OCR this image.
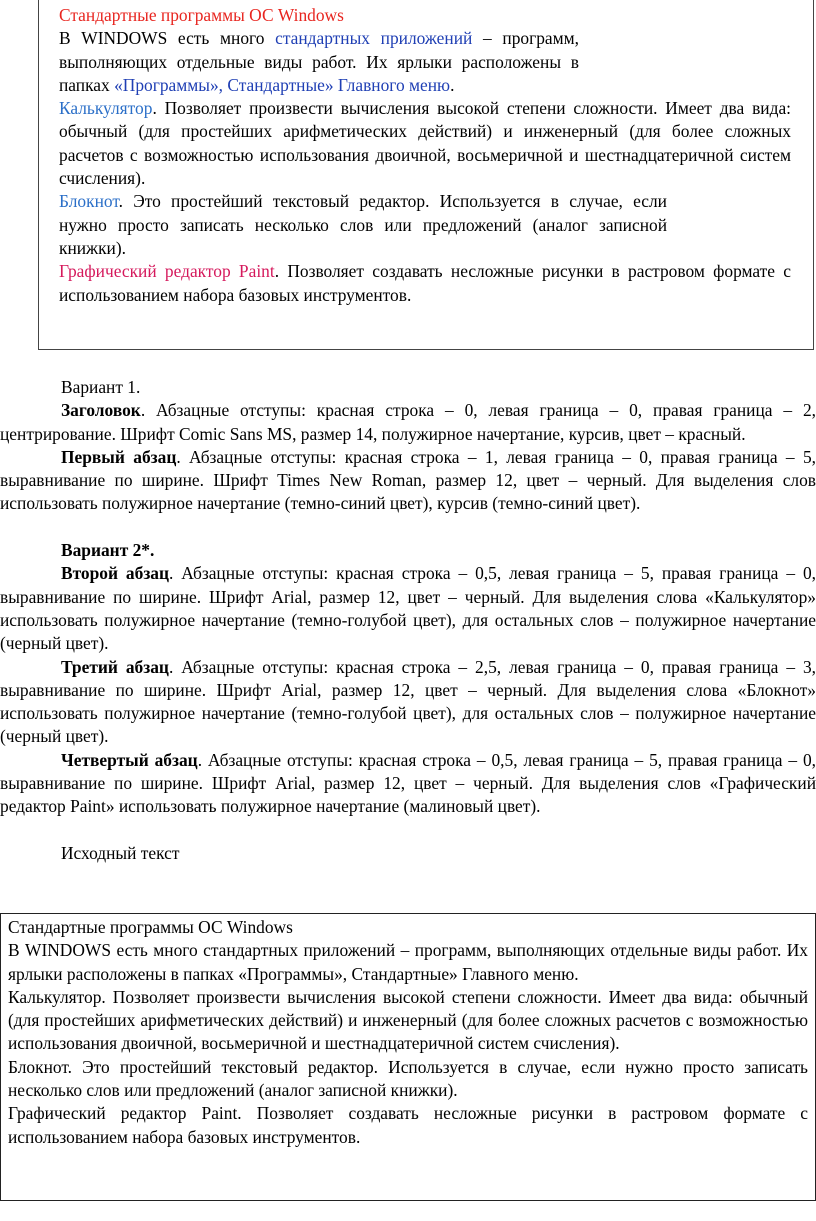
Стандартные программы ОС Windows

В WINDOWS есть много стандартных приложений – программ, выполняющих отдельные виды работ. Их ярлыки расположены в папках «Программы», Стандартные» Главного меню.

Калькулятор. Позволяет произвести вычисления высокой степени сложности. Имеет два вида: обычный (для простейших арифметических действий) и инженерный (для более сложных расчетов с возможностью использования двоичной, восьмеричной и шестнадцатеричной систем счисления).

Блокнот. Это простейший текстовый редактор. Используется в случае, если нужно просто записать несколько слов или предложений (аналог записной книжки).

Графический редактор Paint. Позволяет создавать несложные рисунки в растровом формате с использованием набора базовых инструментов.

Вариант 1.

Заголовок. Абзацные отступы: красная строка – 0, левая граница – 0, правая граница – 2, центрирование. Шрифт Comic Sans MS, размер 14, полужирное начертание, курсив, цвет – красный.

Первый абзац. Абзацные отступы: красная строка – 1, левая граница – 0, правая граница – 5, выравнивание по ширине. Шрифт Times New Roman, размер 12, цвет – черный. Для выделения слов использовать полужирное начертание (темно-синий цвет), курсив (темно-синий цвет).

Вариант 2*.

Второй абзац. Абзацные отступы: красная строка – 0,5, левая граница – 5, правая граница – 0, выравнивание по ширине. Шрифт Arial, размер 12, цвет – черный. Для выделения слова «Калькулятор» использовать полужирное начертание (темно-голубой цвет), для остальных слов – полужирное начертание (черный цвет).

Третий абзац. Абзацные отступы: красная строка – 2,5, левая граница – 0, правая граница – 3, выравнивание по ширине. Шрифт Arial, размер 12, цвет – черный. Для выделения слова «Блокнот» использовать полужирное начертание (темно-голубой цвет), для остальных слов – полужирное начертание (черный цвет).

Четвертый абзац. Абзацные отступы: красная строка – 0,5, левая граница – 5, правая граница – 0, выравнивание по ширине. Шрифт Arial, размер 12, цвет – черный. Для выделения слов «Графический редактор Paint» использовать полужирное начертание (малиновый цвет).

Исходный текст

Стандартные программы ОС Windows

В WINDOWS есть много стандартных приложений – программ, выполняющих отдельные виды работ. Их ярлыки расположены в папках «Программы», Стандартные» Главного меню.

Калькулятор. Позволяет произвести вычисления высокой степени сложности. Имеет два вида: обычный (для простейших арифметических действий) и инженерный (для более сложных расчетов с возможностью использования двоичной, восьмеричной и шестнадцатеричной систем счисления).

Блокнот. Это простейший текстовый редактор. Используется в случае, если нужно просто записать несколько слов или предложений (аналог записной книжки).

Графический редактор Paint. Позволяет создавать несложные рисунки в растровом формате с использованием набора базовых инструментов.
